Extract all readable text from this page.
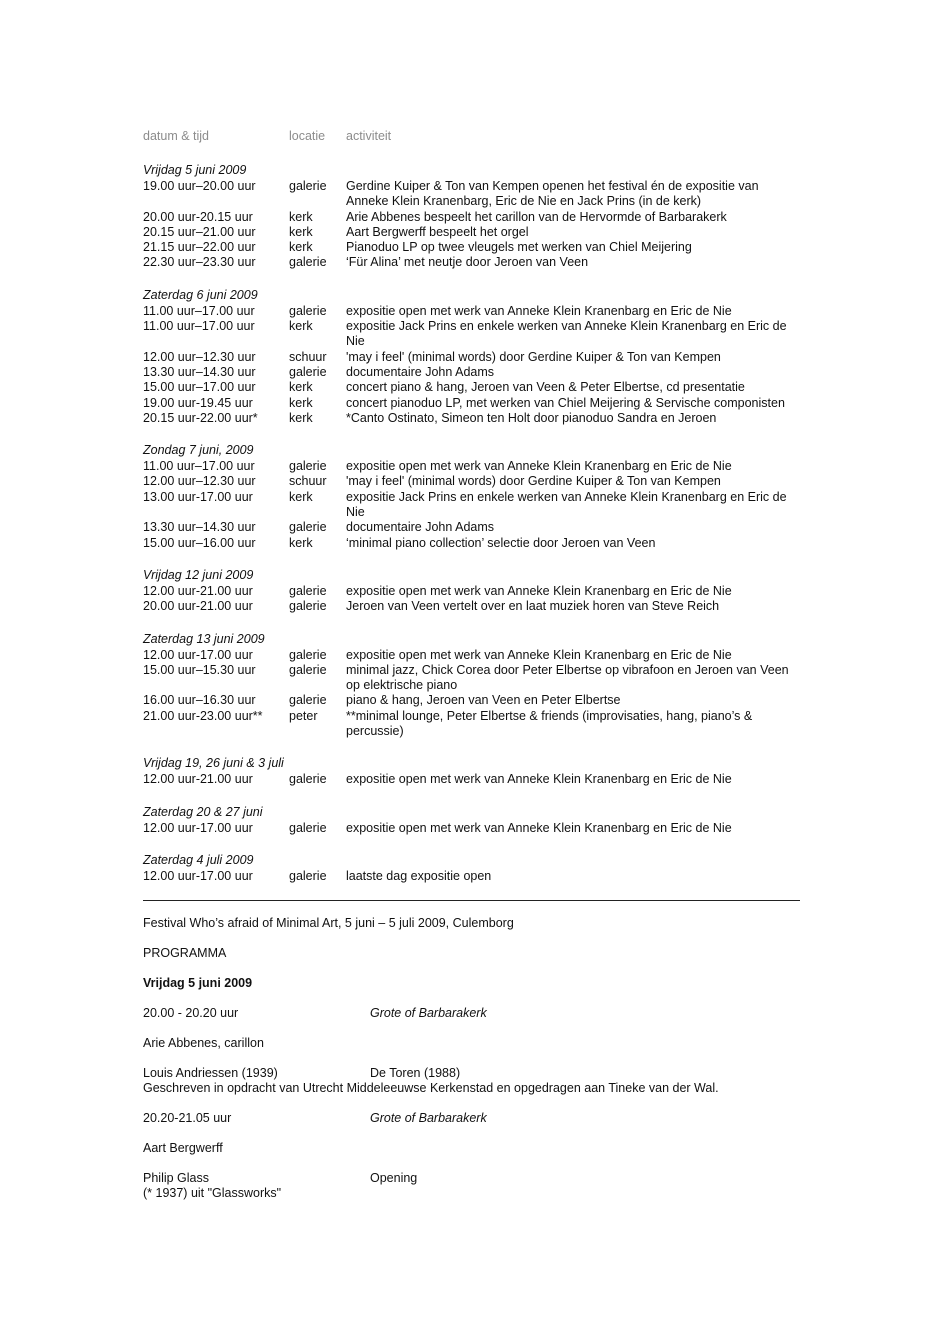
datum & tijd	locatie	activiteit
Vrijdag 5 juni 2009
19.00 uur–20.00 uur	galerie	Gerdine Kuiper & Ton van Kempen openen het festival én de expositie van Anneke Klein Kranenbarg, Eric de Nie en Jack Prins (in de kerk)
20.00 uur-20.15 uur	kerk	Arie Abbenes bespeelt het carillon van de Hervormde of Barbarakerk
20.15 uur–21.00 uur	kerk	Aart Bergwerff bespeelt het orgel
21.15 uur–22.00 uur	kerk	Pianoduo LP op twee vleugels met werken van Chiel Meijering
22.30 uur–23.30 uur	galerie	‘Für Alina’ met neutje door Jeroen van Veen
Zaterdag 6 juni 2009
11.00 uur–17.00 uur	galerie	expositie open met werk van Anneke Klein Kranenbarg en Eric de Nie
11.00 uur–17.00 uur	kerk	expositie Jack Prins en enkele werken van Anneke Klein Kranenbarg en Eric de Nie
12.00 uur–12.30 uur	schuur	'may i feel' (minimal words) door Gerdine Kuiper & Ton van Kempen
13.30 uur–14.30 uur	galerie	documentaire John Adams
15.00 uur–17.00 uur	kerk	concert piano & hang, Jeroen van Veen & Peter Elbertse, cd presentatie
19.00 uur-19.45 uur	kerk	concert pianoduo LP, met werken van Chiel Meijering & Servische componisten
20.15 uur-22.00 uur*	kerk	*Canto Ostinato, Simeon ten Holt door pianoduo Sandra en Jeroen
Zondag 7 juni, 2009
11.00 uur–17.00 uur	galerie	expositie open met werk van Anneke Klein Kranenbarg en Eric de Nie
12.00 uur–12.30 uur	schuur	'may i feel' (minimal words) door Gerdine Kuiper & Ton van Kempen
13.00 uur-17.00 uur	kerk	expositie Jack Prins en enkele werken van Anneke Klein Kranenbarg en Eric de Nie
13.30 uur–14.30 uur	galerie	documentaire John Adams
15.00 uur–16.00 uur	kerk	‘minimal piano collection’ selectie door Jeroen van Veen
Vrijdag 12 juni 2009
12.00 uur-21.00 uur	galerie	expositie open met werk van Anneke Klein Kranenbarg en Eric de Nie
20.00 uur-21.00 uur	galerie	Jeroen van Veen vertelt over en laat muziek horen van Steve Reich
Zaterdag 13 juni 2009
12.00 uur-17.00 uur	galerie	expositie open met werk van Anneke Klein Kranenbarg en Eric de Nie
15.00 uur–15.30 uur	galerie	minimal jazz, Chick Corea door Peter Elbertse op vibrafoon en Jeroen van Veen op elektrische piano
16.00 uur–16.30 uur	galerie	piano & hang, Jeroen van Veen en Peter Elbertse
21.00 uur-23.00 uur**	peter	**minimal lounge, Peter Elbertse & friends (improvisaties, hang, piano’s & percussie)
Vrijdag 19, 26 juni & 3 juli
12.00 uur-21.00 uur	galerie	expositie open met werk van Anneke Klein Kranenbarg en Eric de Nie
Zaterdag 20 & 27 juni
12.00 uur-17.00 uur	galerie	expositie open met werk van Anneke Klein Kranenbarg en Eric de Nie
Zaterdag 4 juli 2009
12.00 uur-17.00 uur	galerie	laatste dag expositie open
Festival Who’s afraid of Minimal Art, 5 juni – 5 juli 2009, Culemborg
PROGRAMMA
Vrijdag 5 juni 2009
20.00 - 20.20 uur	Grote of Barbarakerk
Arie Abbenes, carillon
Louis Andriessen (1939)	De Toren (1988)
Geschreven in opdracht van Utrecht Middeleeuwse Kerkenstad en opgedragen aan Tineke van der Wal.
20.20-21.05 uur	Grote of Barbarakerk
Aart Bergwerff
Philip Glass	Opening
(* 1937) uit "Glassworks"
